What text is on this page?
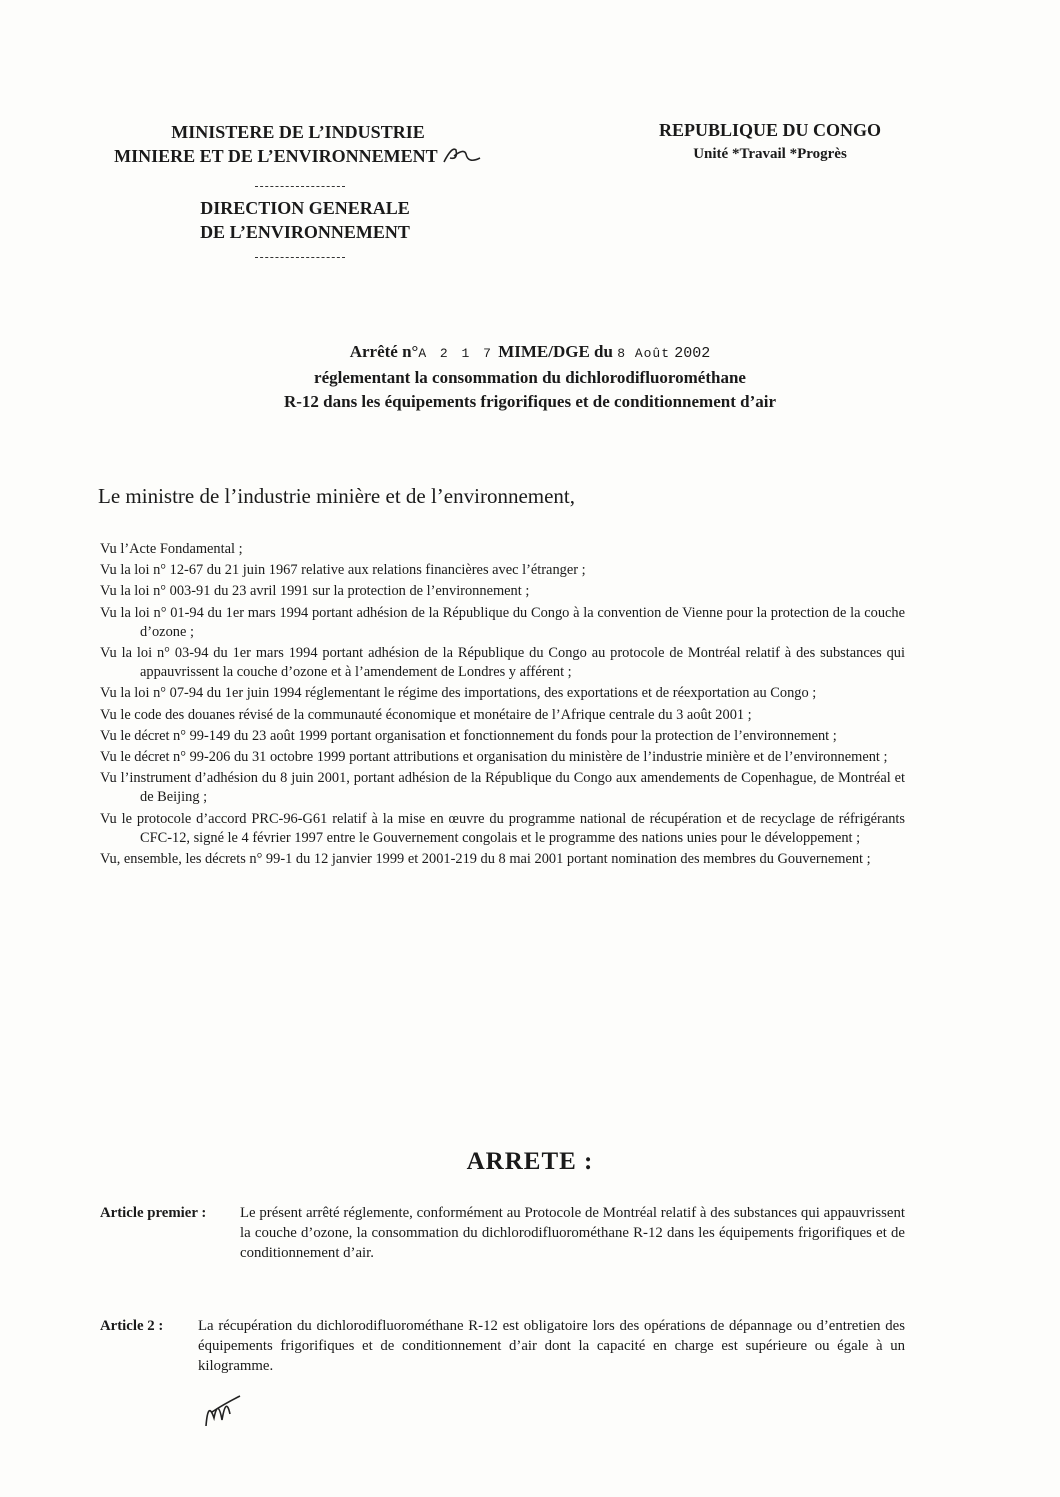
MINISTERE DE L’INDUSTRIE
MINIERE ET DE L’ENVIRONNEMENT
REPUBLIQUE DU CONGO
Unité *Travail *Progrès
DIRECTION GENERALE
DE L’ENVIRONNEMENT
Arrêté n°A 2 1 7 MIME/DGE du 8 Août 2002
réglementant la consommation du dichlorodifluorométhane
R-12 dans les équipements frigorifiques et de conditionnement d’air
Le ministre de l’industrie minière et de l’environnement,

Vu l’Acte Fondamental ;

Vu la loi n° 12-67 du 21 juin 1967 relative aux relations financières avec l’étranger ;

Vu la loi n° 003-91 du 23 avril 1991 sur la protection de l’environnement ;

Vu la loi n° 01-94 du 1er mars 1994 portant adhésion de la République du Congo à la convention de Vienne pour la protection de la couche d’ozone ;

Vu la loi n° 03-94 du 1er mars 1994 portant adhésion de la République du Congo au protocole de Montréal relatif à des substances qui appauvrissent la couche d’ozone et à l’amendement de Londres y afférent ;

Vu la loi n° 07-94 du 1er juin 1994 réglementant le régime des importations, des exportations et de réexportation au Congo ;

Vu le code des douanes révisé de la communauté économique et monétaire de l’Afrique centrale du 3 août 2001 ;

Vu le décret n° 99-149 du 23 août 1999 portant organisation et fonctionnement du fonds pour la protection de l’environnement ;

Vu le décret n° 99-206 du 31 octobre 1999 portant attributions et organisation du ministère de l’industrie minière et de l’environnement ;

Vu l’instrument d’adhésion du 8 juin 2001, portant adhésion de la République du Congo aux amendements de Copenhague, de Montréal et de Beijing ;

Vu le protocole d’accord PRC-96-G61 relatif à la mise en œuvre du programme national de récupération et de recyclage de réfrigérants CFC-12, signé le 4 février 1997 entre le Gouvernement congolais et le programme des nations unies pour le développement ;

Vu, ensemble, les décrets n° 99-1 du 12 janvier 1999 et 2001-219 du 8 mai 2001 portant nomination des membres du Gouvernement ;

ARRETE :
Article premier :	Le présent arrêté réglemente, conformément au Protocole de Montréal relatif à des substances qui appauvrissent la couche d’ozone, la consommation du dichlorodifluorométhane R-12 dans les équipements frigorifiques et de conditionnement d’air.
Article 2 :	La récupération du dichlorodifluorométhane R-12 est obligatoire lors des opérations de dépannage ou d’entretien des équipements frigorifiques et de conditionnement d’air dont la capacité en charge est supérieure ou égale à un kilogramme.
